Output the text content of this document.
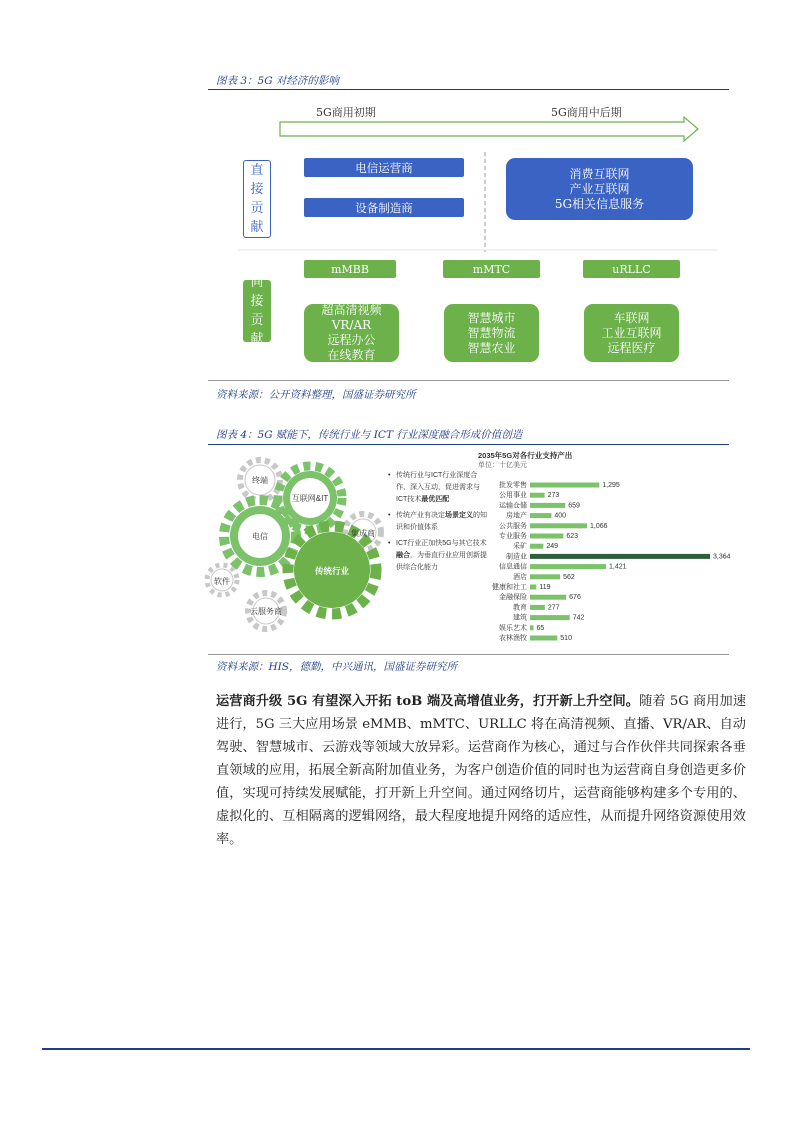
图表 3：5G 对经济的影响
5G商用初期	5G商用中后期
直
接
贡
献
电信运营商
设备制造商
消费互联网
产业互联网
5G相关信息服务
mMBB	mMTC	uRLLC
间
接
贡
献
超高清视频
VR/AR
远程办公
在线教育
智慧城市
智慧物流
智慧农业
车联网
工业互联网
远程医疗
资料来源：公开资料整理，国盛证券研究所
图表 4：5G 赋能下，传统行业与 ICT 行业深度融合形成价值创造
终端
互联网&IT
电信
传统行业
集成商
软件
云服务商
• 传统行业与ICT行业深度合作、深入互动，促进需求与ICT技术最优匹配
• 传统产业有决定场景定义的知识和价值体系
• ICT行业正加快5G与其它技术融合，为垂直行业应用创新提供综合化能力
2035年5G对各行业支持产出
单位：十亿美元
批发零售	1,295
公用事业	273
运输仓储	659
房地产	400
公共服务	1,066
专业服务	623
采矿	249
制造业	3,364
信息通信	1,421
酒店	562
健康和社工 119
金融保险	676
教育	277
建筑	742
娱乐艺术 65
农林渔牧	510
资料来源：HIS，德勤，中兴通讯，国盛证券研究所
运营商升级 5G 有望深入开拓 toB 端及高增值业务，打开新上升空间。随着 5G 商用加速进行，5G 三大应用场景 eMMB、mMTC、URLLC 将在高清视频、直播、VR/AR、自动驾驶、智慧城市、云游戏等领域大放异彩。运营商作为核心，通过与合作伙伴共同探索各垂直领域的应用，拓展全新高附加值业务，为客户创造价值的同时也为运营商自身创造更多价值，实现可持续发展赋能，打开新上升空间。通过网络切片，运营商能够构建多个专用的、虚拟化的、互相隔离的逻辑网络，最大程度地提升网络的适应性，从而提升网络资源使用效率。
